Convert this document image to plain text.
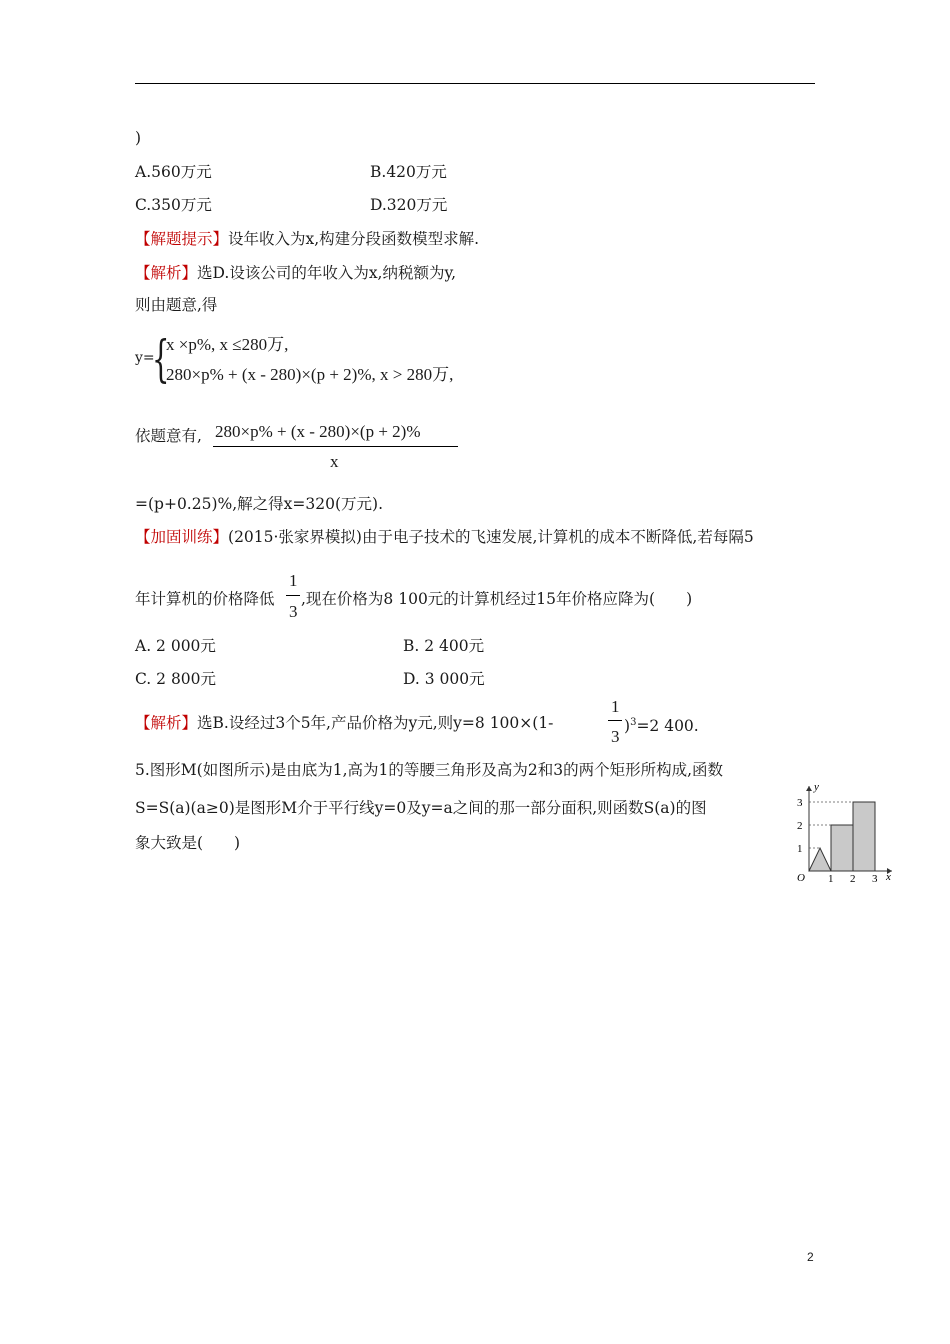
)
A.560万元	B.420万元
C.350万元	D.320万元
【解题提示】设年收入为x,构建分段函数模型求解.
【解析】选D.设该公司的年收入为x,纳税额为y,
则由题意,得
y=
{
x ×p%, x ≤280万,
280×p% + (x - 280)×(p + 2)%, x > 280万,
依题意有, 280×p% + (x - 280)×(p + 2)%
x
=(p+0.25)%,解之得x=320(万元).
【加固训练】(2015·张家界模拟)由于电子技术的飞速发展,计算机的成本不断降低,若每隔5
年计算机的价格降低
1
3
,现在价格为8 100元的计算机经过15年价格应降为(　　)
A. 2 000元	B. 2 400元
C. 2 800元	D. 3 000元
【解析】选B.设经过3个5年,产品价格为y元,则y=8 100×(1-
1
3
)$^3$=2 400.
5.图形M(如图所示)是由底为1,高为1的等腰三角形及高为2和3的两个矩形所构成,函数
S=S(a)(a≥0)是图形M介于平行线y=0及y=a之间的那一部分面积,则函数S(a)的图
象大致是(　　)
y
x
O 1 2 3
1
2
3
2
